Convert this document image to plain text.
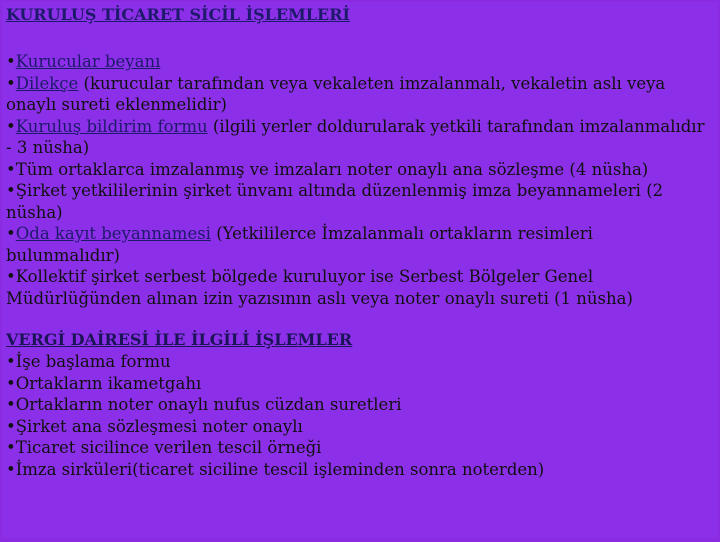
KURULUŞ TİCARET SİCİL İŞLEMLERİ
•Kurucular beyanı
•Dilekçe (kurucular tarafından veya vekaleten imzalanmalı, vekaletin aslı veya onaylı sureti eklenmelidir)
•Kuruluş bildirim formu (ilgili yerler doldurularak yetkili tarafından imzalanmalıdır - 3 nüsha)
•Tüm ortaklarca imzalanmış ve imzaları noter onaylı ana sözleşme (4 nüsha)
•Şirket yetkililerinin şirket ünvanı altında düzenlenmiş imza beyannameleri (2 nüsha)
•Oda kayıt beyannamesi (Yetkililerce İmzalanmalı ortakların resimleri bulunmalıdır)
•Kollektif şirket serbest bölgede kuruluyor ise Serbest Bölgeler Genel Müdürlüğünden alınan izin yazısının aslı veya noter onaylı sureti (1 nüsha)
VERGİ DAİRESİ İLE İLGİLİ İŞLEMLER
•İşe başlama formu
•Ortakların ikametgahı
•Ortakların noter onaylı nufus cüzdan suretleri
•Şirket ana sözleşmesi noter onaylı
•Ticaret sicilince verilen tescil örneği
•İmza sirküleri(ticaret siciline tescil işleminden sonra noterden)
